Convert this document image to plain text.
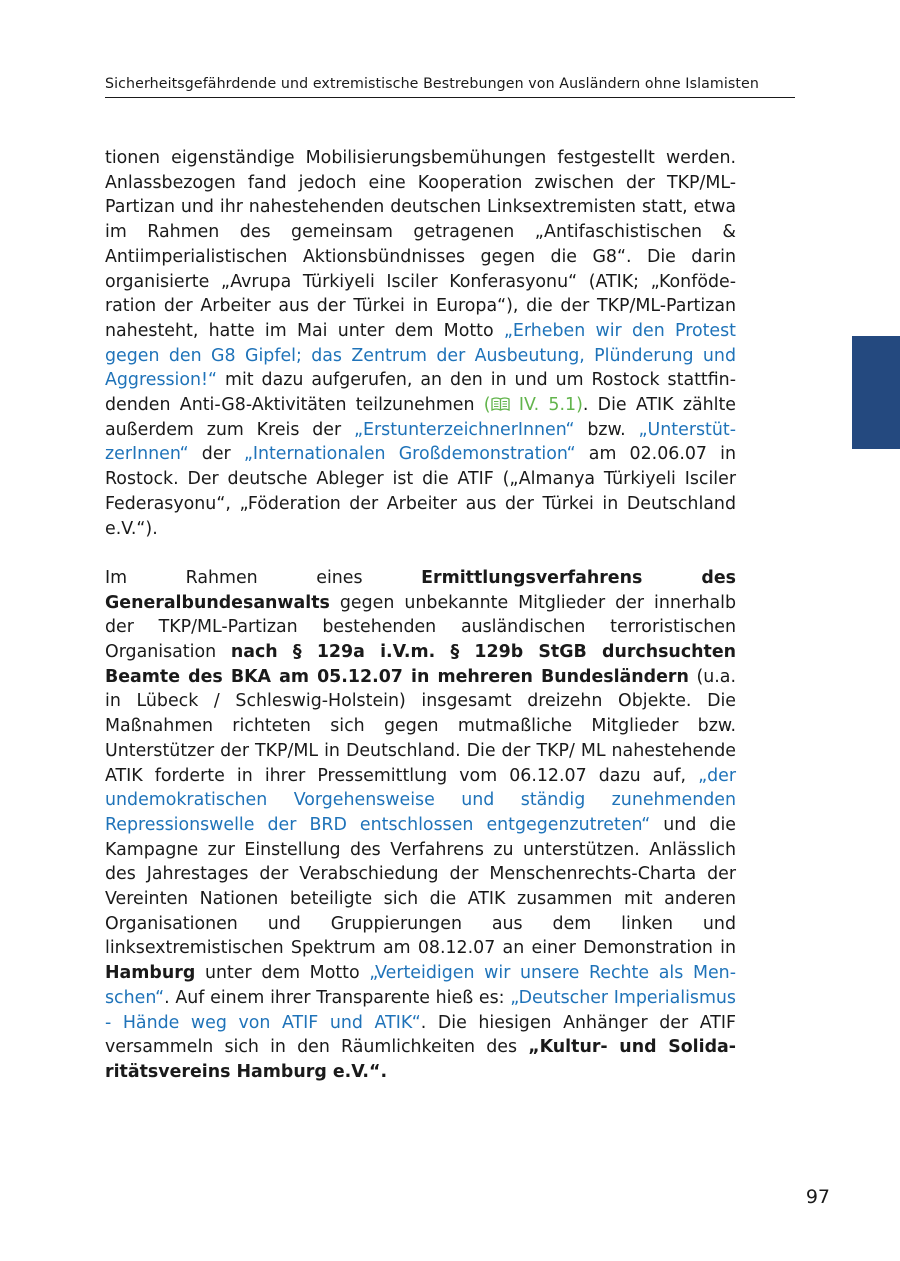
Sicherheitsgefährdende und extremistische Bestrebungen von Ausländern ohne Islamisten

tionen eigenständige Mobilisierungsbemühungen festgestellt werden. Anlassbezogen fand jedoch eine Kooperation zwischen der TKP/ML-Partizan und ihr nahestehenden deutschen Linksextremisten statt, etwa im Rahmen des gemeinsam getragenen „Antifaschistischen & Antiimperialistischen Aktionsbündnisses gegen die G8“. Die darin organisierte „Avrupa Türkiyeli Isciler Konferasyonu“ (ATIK; „Konföderation der Arbeiter aus der Türkei in Europa“), die der TKP/ML-Partizan nahesteht, hatte im Mai unter dem Motto „Erheben wir den Protest gegen den G8 Gipfel; das Zentrum der Ausbeutung, Plünderung und Aggression!“ mit dazu aufgerufen, an den in und um Rostock stattfindenden Anti-G8-Aktivitäten teilzunehmen ( IV. 5.1). Die ATIK zählte außerdem zum Kreis der „ErstunterzeichnerInnen“ bzw. „UnterstützerInnen“ der „Internationalen Großdemonstration“ am 02.06.07 in Rostock. Der deutsche Ableger ist die ATIF („Almanya Türkiyeli Isciler Federasyonu“, „Föderation der Arbeiter aus der Türkei in Deutschland e.V.“).

Im Rahmen eines Ermittlungsverfahrens des Generalbundesanwalts gegen unbekannte Mitglieder der innerhalb der TKP/ML-Partizan bestehenden ausländischen terroristischen Organisation nach § 129a i.V.m. § 129b StGB durchsuchten Beamte des BKA am 05.12.07 in mehreren Bundesländern (u.a. in Lübeck / Schleswig-Holstein) insgesamt dreizehn Objekte. Die Maßnahmen richteten sich gegen mutmaßliche Mitglieder bzw. Unterstützer der TKP/ML in Deutschland. Die der TKP/ ML nahestehende ATIK forderte in ihrer Pressemittlung vom 06.12.07 dazu auf, „der undemokratischen Vorgehensweise und ständig zunehmenden Repressionswelle der BRD entschlossen entgegenzutreten“ und die Kampagne zur Einstellung des Verfahrens zu unterstützen. Anlässlich des Jahrestages der Verabschiedung der Menschenrechts-Charta der Vereinten Nationen beteiligte sich die ATIK zusammen mit anderen Organisationen und Gruppierungen aus dem linken und linksextremistischen Spektrum am 08.12.07 an einer Demonstration in Hamburg unter dem Motto „Verteidigen wir unsere Rechte als Menschen“. Auf einem ihrer Transparente hieß es: „Deutscher Imperialismus - Hände weg von ATIF und ATIK“. Die hiesigen Anhänger der ATIF versammeln sich in den Räumlichkeiten des „Kultur- und Solidaritätsvereins Hamburg e.V.“.

97
